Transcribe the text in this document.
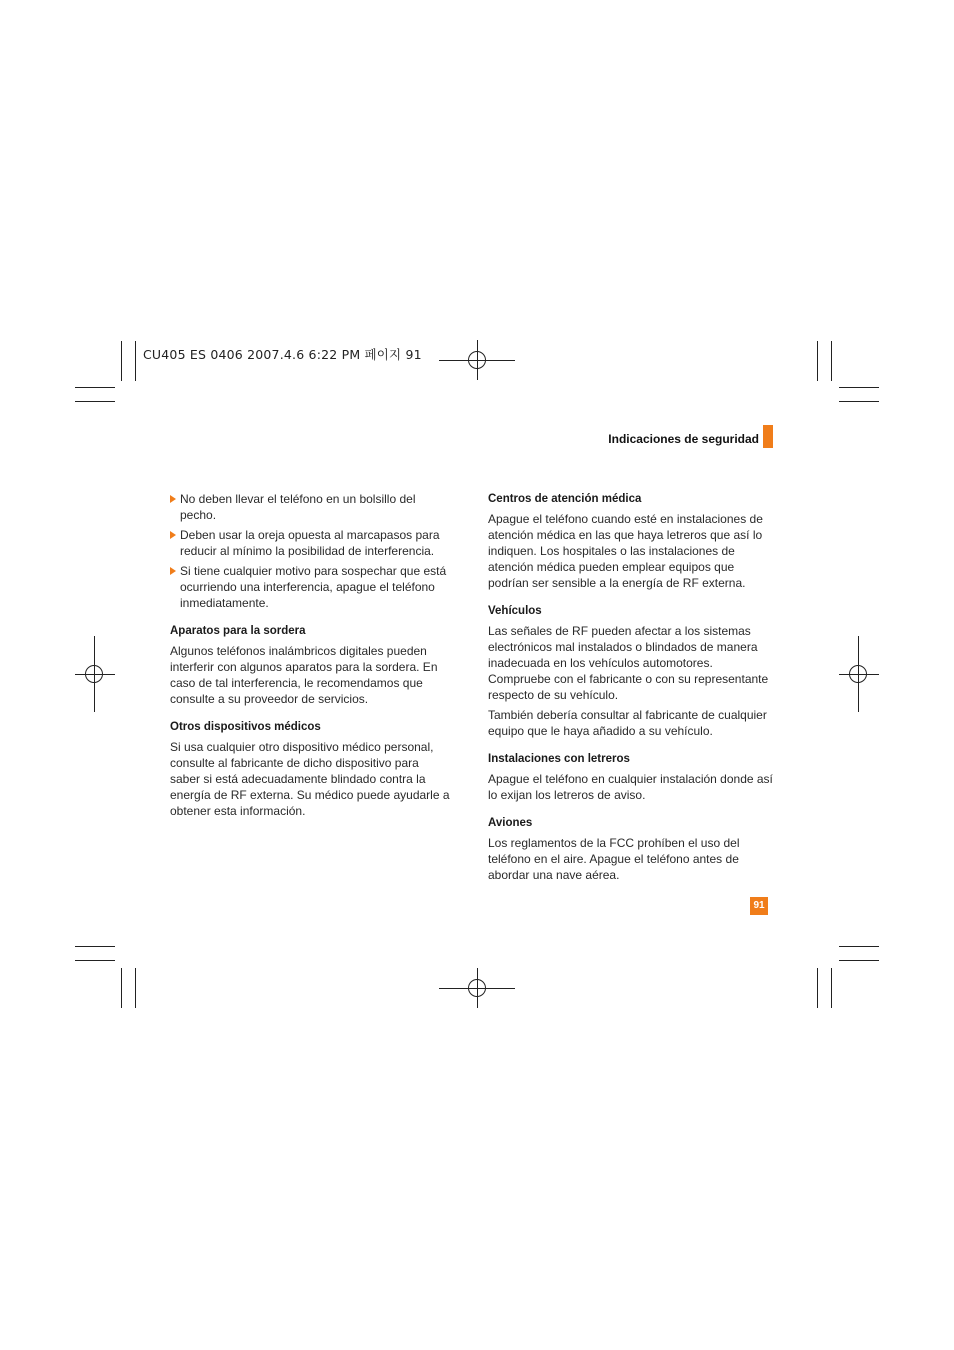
CU405 ES 0406 2007.4.6 6:22 PM 페이지 91
Indicaciones de seguridad
No deben llevar el teléfono en un bolsillo del pecho.
Deben usar la oreja opuesta al marcapasos para reducir al mínimo la posibilidad de interferencia.
Si tiene cualquier motivo para sospechar que está ocurriendo una interferencia, apague el teléfono inmediatamente.
Aparatos para la sordera

Algunos teléfonos inalámbricos digitales pueden interferir con algunos aparatos para la sordera. En caso de tal interferencia, le recomendamos que consulte a su proveedor de servicios.

Otros dispositivos médicos

Si usa cualquier otro dispositivo médico personal, consulte al fabricante de dicho dispositivo para saber si está adecuadamente blindado contra la energía de RF externa. Su médico puede ayudarle a obtener esta información.

Centros de atención médica

Apague el teléfono cuando esté en instalaciones de atención médica en las que haya letreros que así lo indiquen. Los hospitales o las instalaciones de atención médica pueden emplear equipos que podrían ser sensible a la energía de RF externa.

Vehículos

Las señales de RF pueden afectar a los sistemas electrónicos mal instalados o blindados de manera inadecuada en los vehículos automotores. Compruebe con el fabricante o con su representante respecto de su vehículo.

También debería consultar al fabricante de cualquier equipo que le haya añadido a su vehículo.

Instalaciones con letreros

Apague el teléfono en cualquier instalación donde así lo exijan los letreros de aviso.

Aviones

Los reglamentos de la FCC prohíben el uso del teléfono en el aire. Apague el teléfono antes de abordar una nave aérea.

91
